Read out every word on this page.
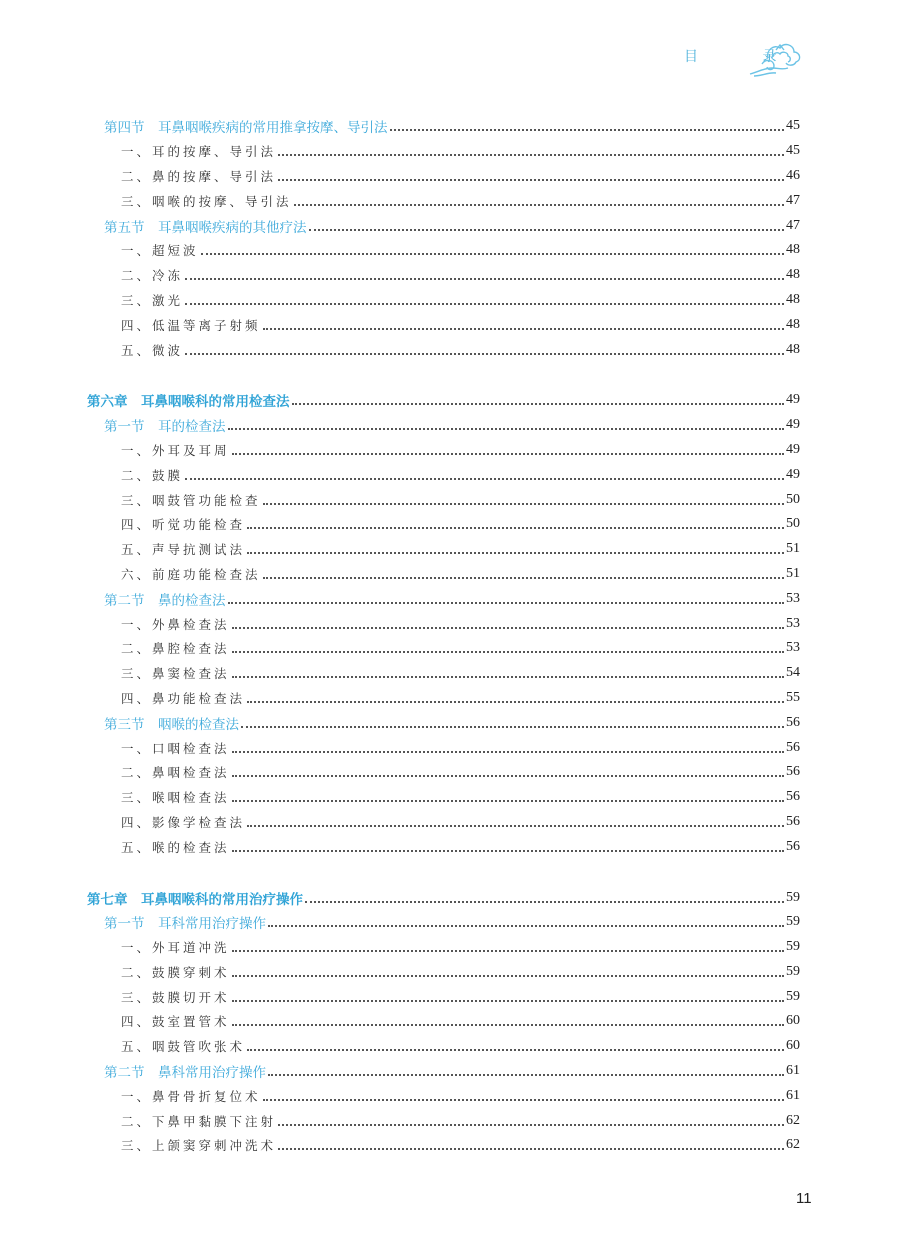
目 录
第四节　耳鼻咽喉疾病的常用推拿按摩、导引法	45
一、耳的按摩、导引法	45
二、鼻的按摩、导引法	46
三、咽喉的按摩、导引法	47
第五节　耳鼻咽喉疾病的其他疗法	47
一、超短波	48
二、冷冻	48
三、激光	48
四、低温等离子射频	48
五、微波	48
第六章　耳鼻咽喉科的常用检查法	49
第一节　耳的检查法	49
一、外耳及耳周	49
二、鼓膜	49
三、咽鼓管功能检查	50
四、听觉功能检查	50
五、声导抗测试法	51
六、前庭功能检查法	51
第二节　鼻的检查法	53
一、外鼻检查法	53
二、鼻腔检查法	53
三、鼻窦检查法	54
四、鼻功能检查法	55
第三节　咽喉的检查法	56
一、口咽检查法	56
二、鼻咽检查法	56
三、喉咽检查法	56
四、影像学检查法	56
五、喉的检查法	56
第七章　耳鼻咽喉科的常用治疗操作	59
第一节　耳科常用治疗操作	59
一、外耳道冲洗	59
二、鼓膜穿刺术	59
三、鼓膜切开术	59
四、鼓室置管术	60
五、咽鼓管吹张术	60
第二节　鼻科常用治疗操作	61
一、鼻骨骨折复位术	61
二、下鼻甲黏膜下注射	62
三、上颌窦穿刺冲洗术	62
11
